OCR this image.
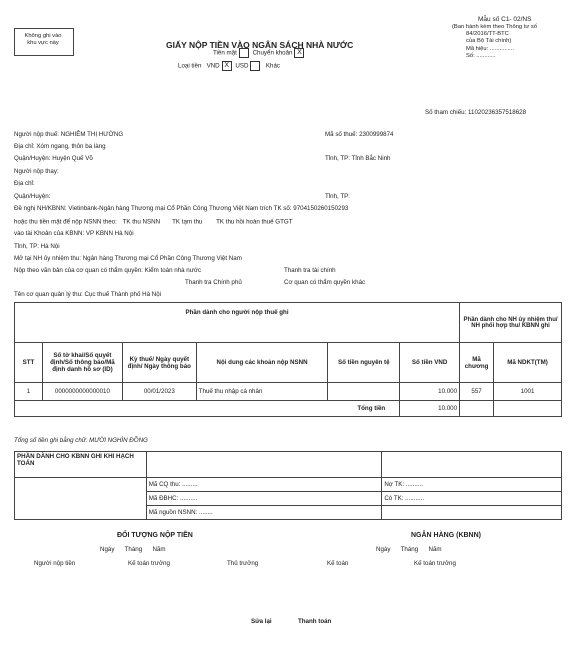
Không ghi vào
khu vực này	GIẤY NỘP TIỀN VÀO NGÂN SÁCH NHÀ NƯỚC
Tiền mặt	Chuyển khoản X
Loại tiền VND X USD	Khác
Mẫu số C1- 02/NS
(Ban hành kèm theo Thông tư số
84/2016/TT-BTC
của Bộ Tài chính)
Mã hiệu: ...............
Số: ............
Số tham chiếu: 11020236357518628
Người nộp thuế: NGHIÊM THỊ HƯỜNG	Mã số thuế: 2300999874
Địa chỉ: Xóm ngang, thôn ba làng
Quận/Huyện: Huyện Quế Võ	Tỉnh, TP: Tỉnh Bắc Ninh
Người nộp thay:
Địa chỉ:
Quận/Huyện:	Tỉnh, TP:
Đề nghị NH/KBNN: Vietinbank-Ngân hàng Thương mại Cổ Phần Công Thương Việt Nam trích TK số: 9704150260150293
hoặc thu tiền mặt để nộp NSNN theo: TK thu NSNN TK tạm thu TK thu hồi hoàn thuế GTGT
vào tài Khoản của KBNN: VP KBNN Hà Nội
Tỉnh, TP: Hà Nội
Mở tại NH ủy nhiệm thu: Ngân hàng Thương mại Cổ Phần Công Thương Việt Nam
Nộp theo văn bản của cơ quan có thẩm quyền: Kiểm toán nhà nước	Thanh tra tài chính
Thanh tra Chính phủ	Cơ quan có thẩm quyền khác
Tên cơ quan quản lý thu: Cục thuế Thành phố Hà Nội
Phần dành cho người nộp thuế ghi						Phần dành cho NH ủy nhiệm thu/ NH phối hợp thu/ KBNN ghi	
STT	Số tờ khai/Số quyết định/Số thông báo/Mã định danh hồ sơ (ID)	Kỳ thuế/ Ngày quyết định/ Ngày thông báo	Nội dung các khoản nộp NSNN	Số tiền nguyên tệ	Số tiền VND	Mã chương	Mã NDKT(TM)
1	0000000000000010	00/01/2023	Thuế thu nhập cá nhân		10.000	557	1001
Tổng tiền					10.000		
Tổng số tiền ghi bằng chữ: MƯỜI NGHÌN ĐỒNG
PHẦN DÀNH CHO KBNN GHI KHI HẠCH TOÁN		
	Mã CQ thu: .........	Nợ TK: ..........
	Mã ĐBHC: ..........	Có TK: ...........
	Mã nguồn NSNN: ........	
ĐỐI TƯỢNG NỘP TIỀN	NGÂN HÀNG (KBNN)
Ngày      Tháng      Năm	Ngày      Tháng      Năm
Người nộp tiền	Kế toán trưởng	Thủ trưởng	Kế toán	Kế toán trưởng
Sửa lại	Thanh toán
